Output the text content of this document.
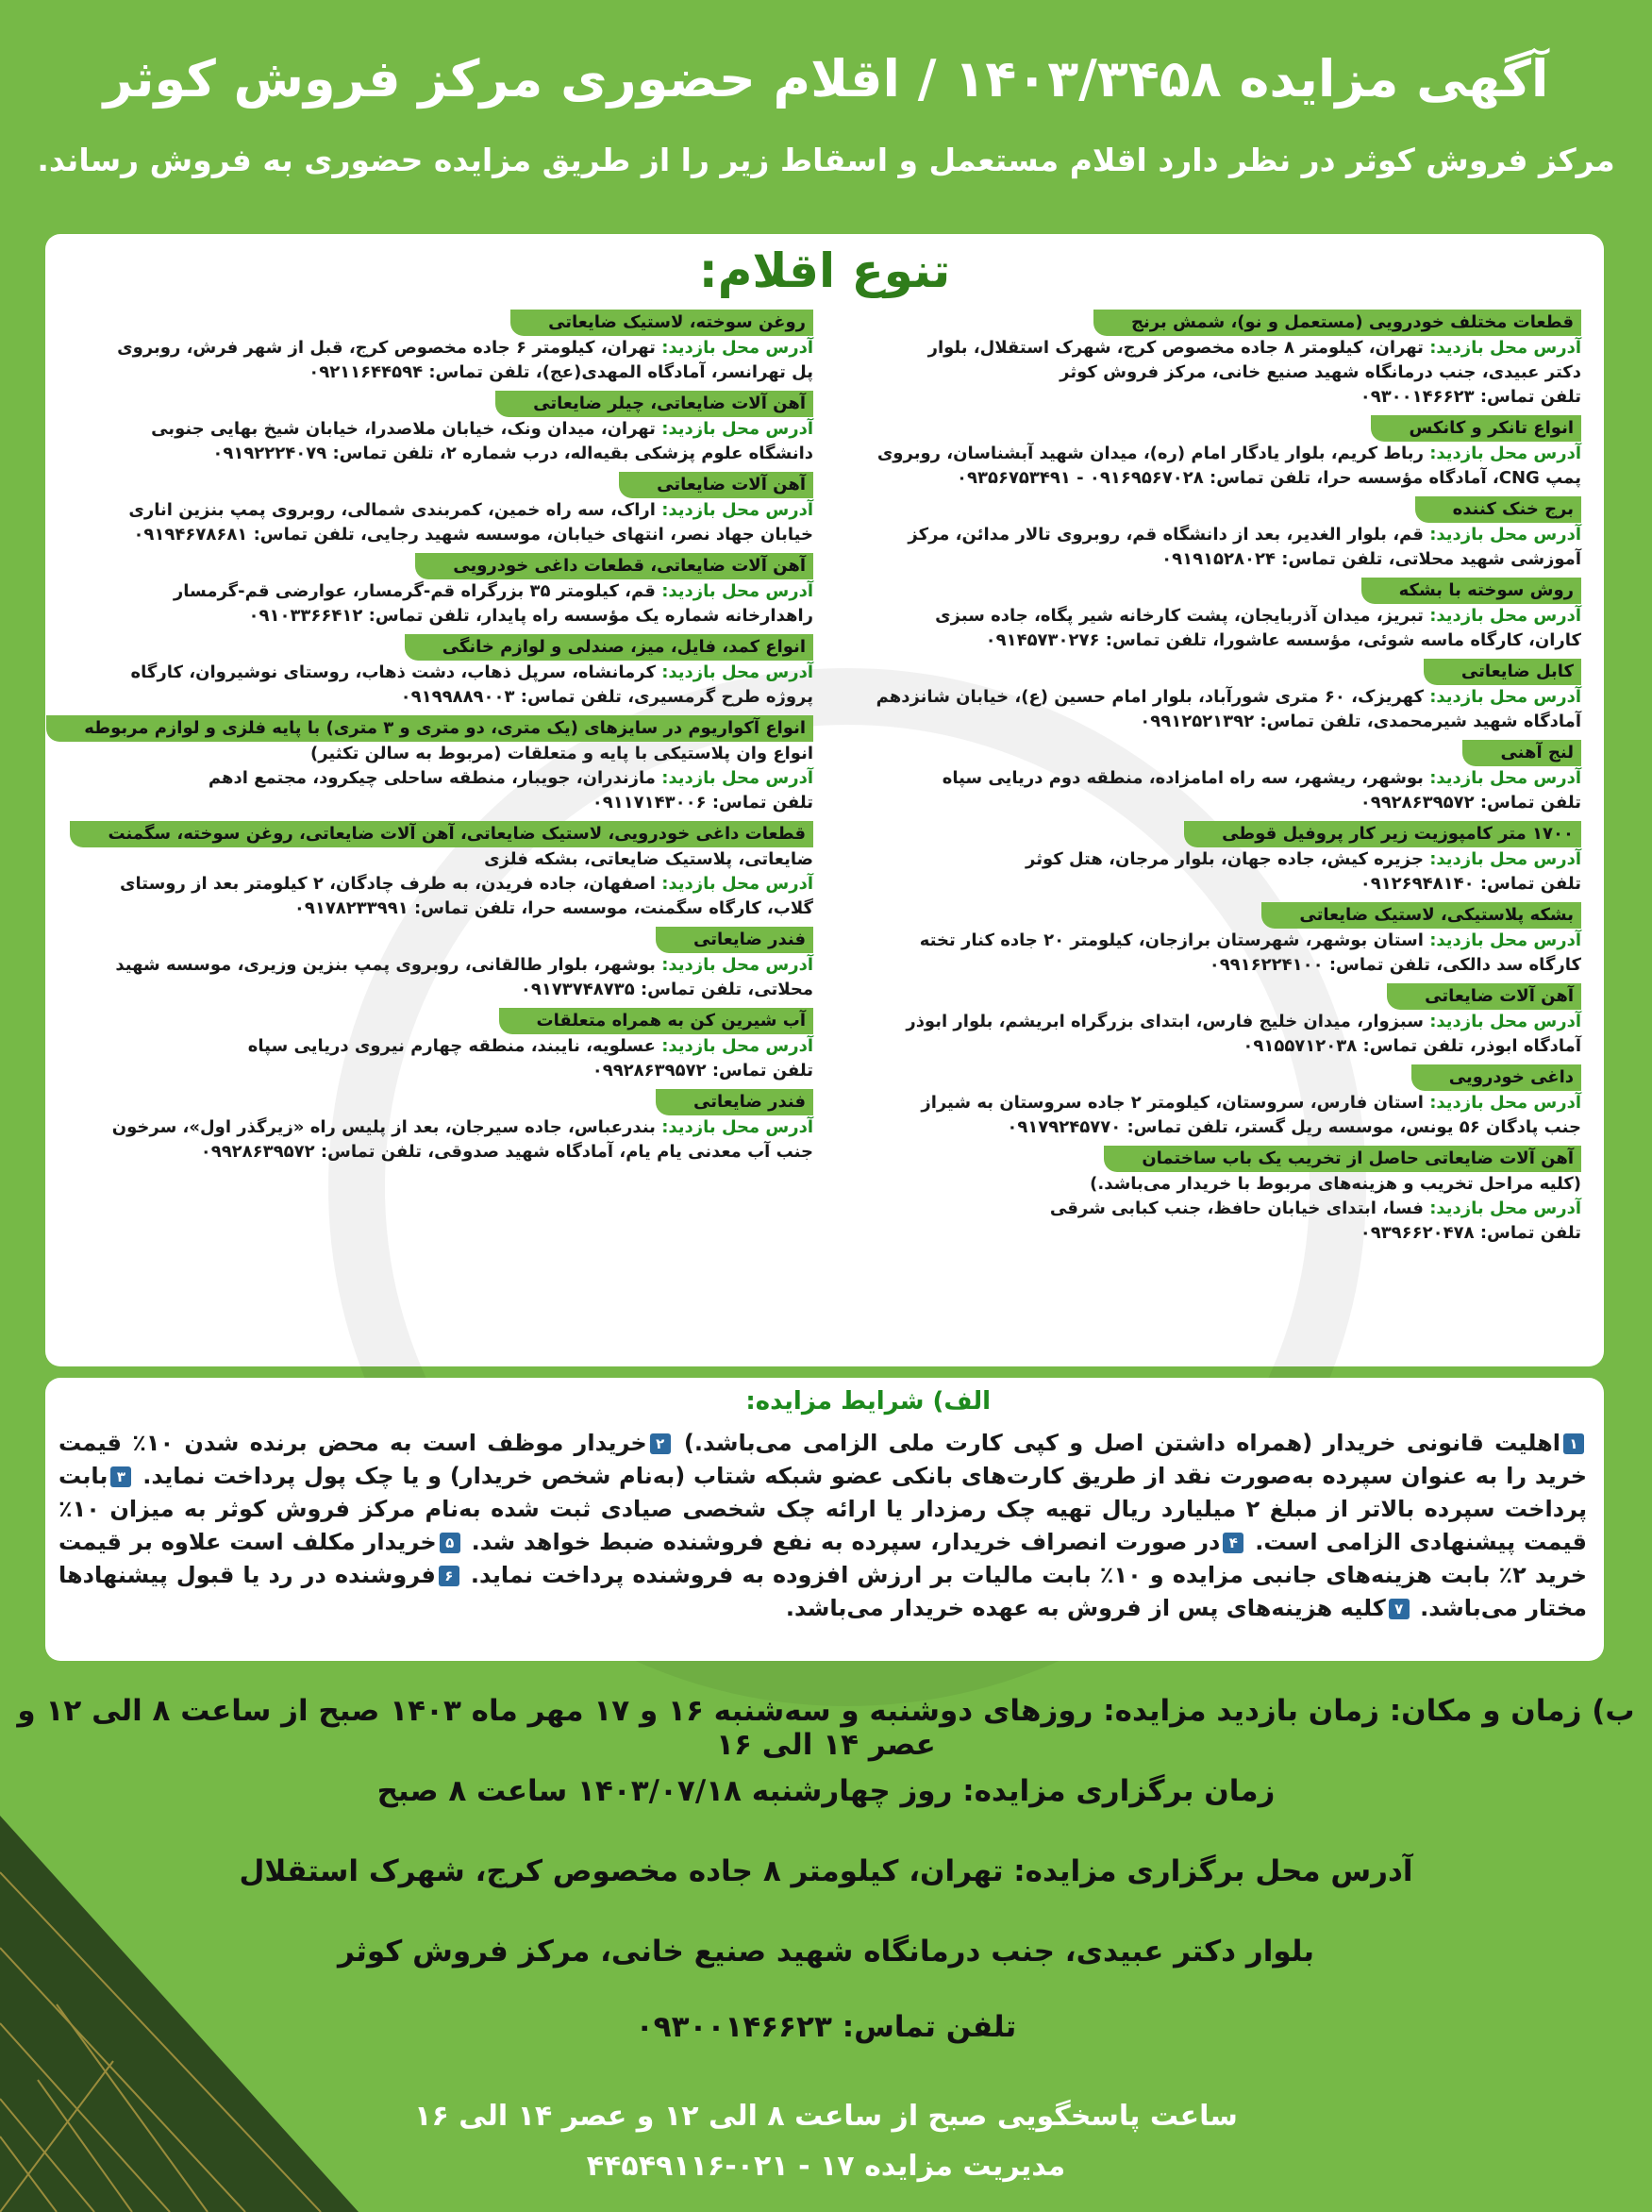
آگهی مزایده ۱۴۰۳/۳۴۵۸ / اقلام حضوری مرکز فروش کوثر
مرکز فروش کوثر در نظر دارد اقلام مستعمل و اسقاط زیر را از طریق مزایده حضوری به فروش رساند.
تنوع اقلام:
قطعات مختلف خودرویی (مستعمل و نو)، شمش برنج
آدرس محل بازدید: تهران، کیلومتر ۸ جاده مخصوص کرج، شهرک استقلال، بلوار
دکتر عبیدی، جنب درمانگاه شهید صنیع خانی، مرکز فروش کوثر
تلفن تماس: ۰۹۳۰۰۱۴۶۶۲۳
انواع تانکر و کانکس
آدرس محل بازدید: رباط کریم، بلوار یادگار امام (ره)، میدان شهید آبشناسان، روبروی
پمپ CNG، آمادگاه مؤسسه حرا، تلفن تماس: ۰۹۱۶۹۵۶۷۰۲۸ - ۰۹۳۵۶۷۵۳۴۹۱
برج خنک کننده
آدرس محل بازدید: قم، بلوار الغدیر، بعد از دانشگاه قم، روبروی تالار مدائن، مرکز
آموزشی شهید محلاتی، تلفن تماس: ۰۹۱۹۱۵۲۸۰۲۴
روش سوخته با بشکه
آدرس محل بازدید: تبریز، میدان آذربایجان، پشت کارخانه شیر پگاه، جاده سبزی
کاران، کارگاه ماسه شوئی، مؤسسه عاشورا، تلفن تماس: ۰۹۱۴۵۷۳۰۲۷۶
کابل ضایعاتی
آدرس محل بازدید: کهریزک، ۶۰ متری شورآباد، بلوار امام حسین (ع)، خیابان شانزدهم
آمادگاه شهید شیرمحمدی، تلفن تماس: ۰۹۹۱۲۵۲۱۳۹۲
لنج آهنی
آدرس محل بازدید: بوشهر، ریشهر، سه راه امامزاده، منطقه دوم دریایی سپاه
تلفن تماس: ۰۹۹۲۸۶۳۹۵۷۲
۱۷۰۰ متر کامپوزیت زیر کار پروفیل قوطی
آدرس محل بازدید: جزیره کیش، جاده جهان، بلوار مرجان، هتل کوثر
تلفن تماس: ۰۹۱۲۶۹۴۸۱۴۰
بشکه پلاستیکی، لاستیک ضایعاتی
آدرس محل بازدید: استان بوشهر، شهرستان برازجان، کیلومتر ۲۰ جاده کنار تخته
کارگاه سد دالکی، تلفن تماس: ۰۹۹۱۶۲۲۴۱۰۰
آهن آلات ضایعاتی
آدرس محل بازدید: سبزوار، میدان خلیج فارس، ابتدای بزرگراه ابریشم، بلوار ابوذر
آمادگاه ابوذر، تلفن تماس: ۰۹۱۵۵۷۱۲۰۳۸
داغی خودرویی
آدرس محل بازدید: استان فارس، سروستان، کیلومتر ۲ جاده سروستان به شیراز
جنب پادگان ۵۶ یونس، موسسه ریل گستر، تلفن تماس: ۰۹۱۷۹۲۴۵۷۷۰
آهن آلات ضایعاتی حاصل از تخریب یک باب ساختمان
(کلیه مراحل تخریب و هزینه‌های مربوط با خریدار می‌باشد.)
آدرس محل بازدید: فسا، ابتدای خیابان حافظ، جنب کبابی شرقی
تلفن تماس: ۰۹۳۹۶۶۲۰۴۷۸
روغن سوخته، لاستیک ضایعاتی
آدرس محل بازدید: تهران، کیلومتر ۶ جاده مخصوص کرج، قبل از شهر فرش، روبروی
پل تهرانسر، آمادگاه المهدی(عج)، تلفن تماس: ۰۹۲۱۱۶۴۴۵۹۴
آهن آلات ضایعاتی، چیلر ضایعاتی
آدرس محل بازدید: تهران، میدان ونک، خیابان ملاصدرا، خیابان شیخ بهایی جنوبی
دانشگاه علوم پزشکی بقیه‌اله، درب شماره ۲، تلفن تماس: ۰۹۱۹۲۲۲۴۰۷۹
آهن آلات ضایعاتی
آدرس محل بازدید: اراک، سه راه خمین، کمربندی شمالی، روبروی پمپ بنزین اناری
خیابان جهاد نصر، انتهای خیابان، موسسه شهید رجایی، تلفن تماس: ۰۹۱۹۴۶۷۸۶۸۱
آهن آلات ضایعاتی، قطعات داغی خودرویی
آدرس محل بازدید: قم، کیلومتر ۳۵ بزرگراه قم-گرمسار، عوارضی قم-گرمسار
راهدارخانه شماره یک مؤسسه راه پایدار، تلفن تماس: ۰۹۱۰۳۳۶۶۴۱۲
انواع کمد، فایل، میز، صندلی و لوازم خانگی
آدرس محل بازدید: کرمانشاه، سرپل ذهاب، دشت ذهاب، روستای نوشیروان، کارگاه
پروژه طرح گرمسیری، تلفن تماس: ۰۹۱۹۹۸۸۹۰۰۳
انواع آکواریوم در سایزهای (یک متری، دو متری و ۳ متری) با پایه فلزی و لوازم مربوطه
انواع وان پلاستیکی با پایه و متعلقات (مربوط به سالن تکثیر)
آدرس محل بازدید: مازندران، جویبار، منطقه ساحلی چیکرود، مجتمع ادهم
تلفن تماس: ۰۹۱۱۷۱۴۳۰۰۶
قطعات داغی خودرویی، لاستیک ضایعاتی، آهن آلات ضایعاتی، روغن سوخته، سگمنت
ضایعاتی، پلاستیک ضایعاتی، بشکه فلزی
آدرس محل بازدید: اصفهان، جاده فریدن، به طرف چادگان، ۲ کیلومتر بعد از روستای
گلاب، کارگاه سگمنت، موسسه حرا، تلفن تماس: ۰۹۱۷۸۲۳۳۹۹۱
فندر ضایعاتی
آدرس محل بازدید: بوشهر، بلوار طالقانی، روبروی پمپ بنزین وزیری، موسسه شهید
محلاتی، تلفن تماس: ۰۹۱۷۳۷۴۸۷۳۵
آب شیرین کن به همراه متعلقات
آدرس محل بازدید: عسلویه، نایبند، منطقه چهارم نیروی دریایی سپاه
تلفن تماس: ۰۹۹۲۸۶۳۹۵۷۲
فندر ضایعاتی
آدرس محل بازدید: بندرعباس، جاده سیرجان، بعد از پلیس راه «زیرگذر اول»، سرخون
جنب آب معدنی یام یام، آمادگاه شهید صدوقی، تلفن تماس: ۰۹۹۲۸۶۳۹۵۷۲
الف) شرایط مزایده:
۱اهلیت قانونی خریدار (همراه داشتن اصل و کپی کارت ملی الزامی می‌باشد.) ۲خریدار موظف است به محض برنده شدن ۱۰٪ قیمت خرید را به عنوان سپرده به‌صورت نقد از طریق کارت‌های بانکی عضو شبکه شتاب (به‌نام شخص خریدار) و یا چک پول پرداخت نماید. ۳بابت پرداخت سپرده بالاتر از مبلغ ۲ میلیارد ریال تهیه چک رمزدار یا ارائه چک شخصی صیادی ثبت شده به‌نام مرکز فروش کوثر به میزان ۱۰٪ قیمت پیشنهادی الزامی است. ۴در صورت انصراف خریدار، سپرده به نفع فروشنده ضبط خواهد شد. ۵خریدار مکلف است علاوه بر قیمت خرید ۲٪ بابت هزینه‌های جانبی مزایده و ۱۰٪ بابت مالیات بر ارزش افزوده به فروشنده پرداخت نماید. ۶فروشنده در رد یا قبول پیشنهادها مختار می‌باشد. ۷کلیه هزینه‌های پس از فروش به عهده خریدار می‌باشد.
ب) زمان و مکان: زمان بازدید مزایده: روزهای دوشنبه و سه‌شنبه ۱۶ و ۱۷ مهر ماه ۱۴۰۳ صبح از ساعت ۸ الی ۱۲ و عصر ۱۴ الی ۱۶
زمان برگزاری مزایده: روز چهارشنبه ۱۴۰۳/۰۷/۱۸ ساعت ۸ صبح
آدرس محل برگزاری مزایده: تهران، کیلومتر ۸ جاده مخصوص کرج، شهرک استقلال
بلوار دکتر عبیدی، جنب درمانگاه شهید صنیع خانی، مرکز فروش کوثر
تلفن تماس: ۰۹۳۰۰۱۴۶۶۲۳
ساعت پاسخگویی صبح از ساعت ۸ الی ۱۲ و عصر ۱۴ الی ۱۶
مدیریت مزایده ۱۷ - ۰۲۱-۴۴۵۴۹۱۱۶
